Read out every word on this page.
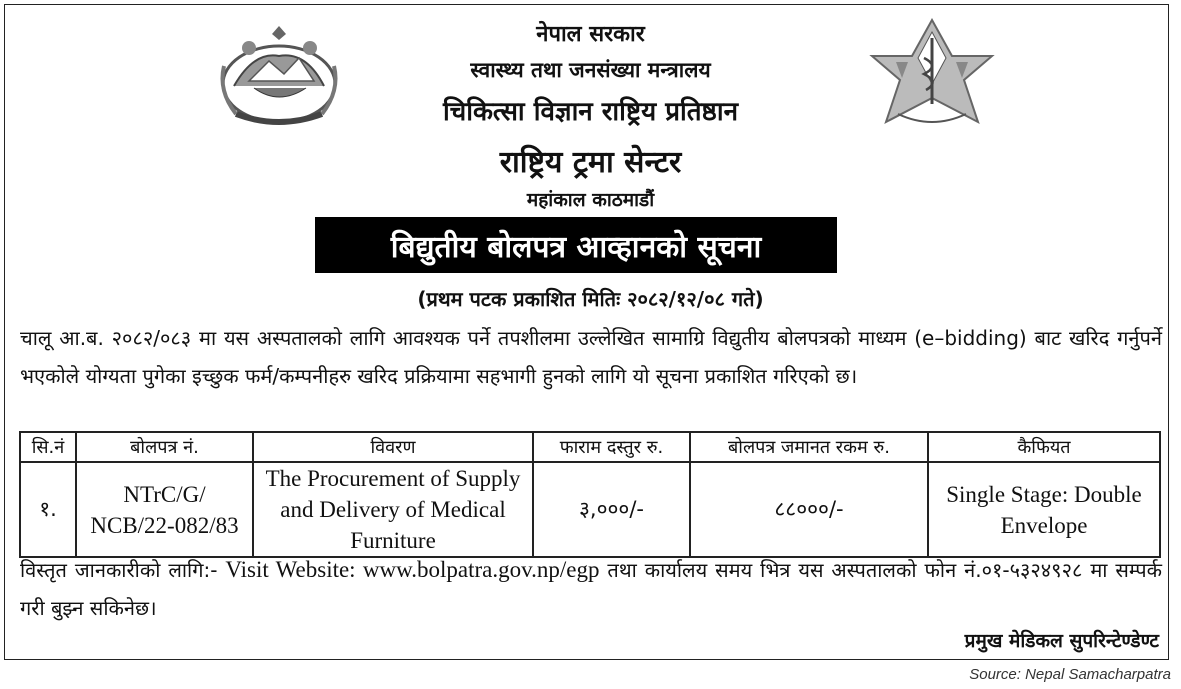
नेपाल सरकार
स्वास्थ्य तथा जनसंख्या मन्त्रालय
चिकित्सा विज्ञान राष्ट्रिय प्रतिष्ठान
राष्ट्रिय ट्रमा सेन्टर
महांकाल काठमाडौं
बिद्युतीय बोलपत्र आव्हानको सूचना
(प्रथम पटक प्रकाशित मितिः २०८२/१२/०८ गते)
चालू आ.ब. २०८२/०८३ मा यस अस्पतालको लागि आवश्यक पर्ने तपशीलमा उल्लेखित सामाग्रि विद्युतीय बोलपत्रको माध्यम (e–bidding) बाट खरिद गर्नुपर्ने भएकोले योग्यता पुगेका इच्छुक फर्म/कम्पनीहरु खरिद प्रक्रियामा सहभागी हुनको लागि यो सूचना प्रकाशित गरिएको छ।
सि.नं	बोलपत्र नं.	विवरण	फाराम दस्तुर रु.	बोलपत्र जमानत रकम रु.	कैफियत
१.	NTrC/G/ NCB/22-082/83	The Procurement of Supply and Delivery of Medical Furniture	३,०००/-	८८०००/-	Single Stage: Double Envelope
विस्तृत जानकारीको लागि:- Visit Website: www.bolpatra.gov.np/egp तथा कार्यालय समय भित्र यस अस्पतालको फोन नं.०१-५३२४९२८ मा सम्पर्क गरी बुझ्न सकिनेछ।
प्रमुख मेडिकल सुपरिन्टेण्डेण्ट
Source: Nepal Samacharpatra
